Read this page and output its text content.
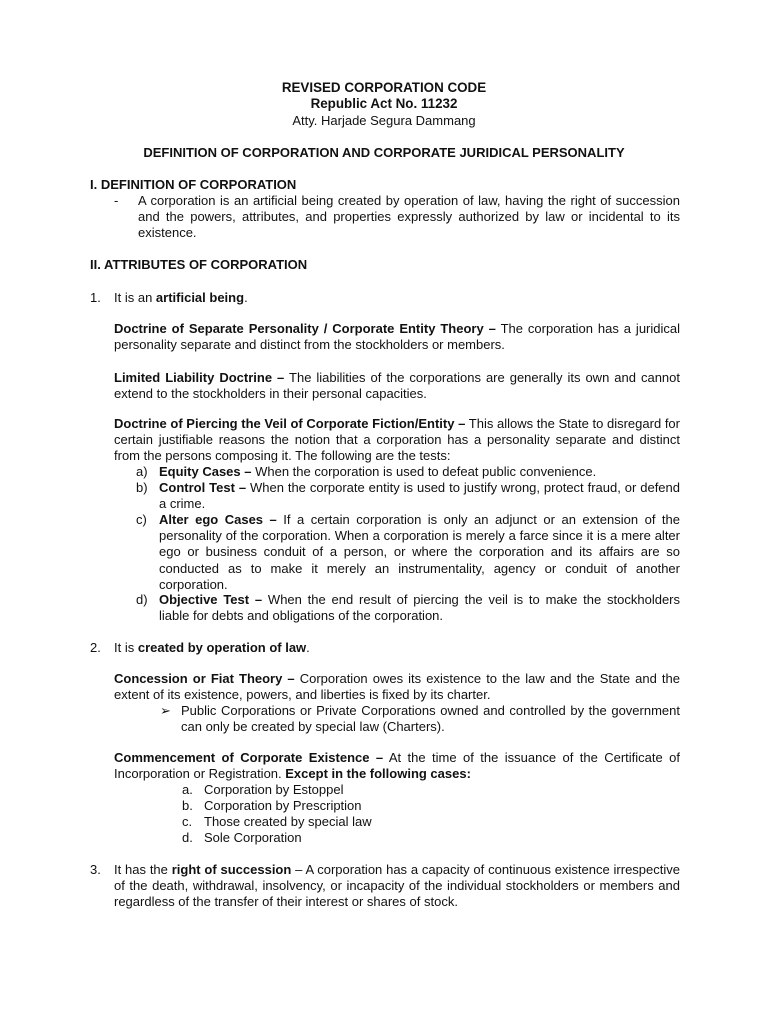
REVISED CORPORATION CODE
Republic Act No. 11232
Atty. Harjade Segura Dammang
DEFINITION OF CORPORATION AND CORPORATE JURIDICAL PERSONALITY
I. DEFINITION OF CORPORATION
- A corporation is an artificial being created by operation of law, having the right of succession and the powers, attributes, and properties expressly authorized by law or incidental to its existence.
II. ATTRIBUTES OF CORPORATION
1. It is an artificial being.
Doctrine of Separate Personality / Corporate Entity Theory – The corporation has a juridical personality separate and distinct from the stockholders or members.
Limited Liability Doctrine – The liabilities of the corporations are generally its own and cannot extend to the stockholders in their personal capacities.
Doctrine of Piercing the Veil of Corporate Fiction/Entity – This allows the State to disregard for certain justifiable reasons the notion that a corporation has a personality separate and distinct from the persons composing it. The following are the tests:
a) Equity Cases – When the corporation is used to defeat public convenience.
b) Control Test – When the corporate entity is used to justify wrong, protect fraud, or defend a crime.
c) Alter ego Cases – If a certain corporation is only an adjunct or an extension of the personality of the corporation. When a corporation is merely a farce since it is a mere alter ego or business conduit of a person, or where the corporation and its affairs are so conducted as to make it merely an instrumentality, agency or conduit of another corporation.
d) Objective Test – When the end result of piercing the veil is to make the stockholders liable for debts and obligations of the corporation.
2. It is created by operation of law.
Concession or Fiat Theory – Corporation owes its existence to the law and the State and the extent of its existence, powers, and liberties is fixed by its charter.
➢ Public Corporations or Private Corporations owned and controlled by the government can only be created by special law (Charters).
Commencement of Corporate Existence – At the time of the issuance of the Certificate of Incorporation or Registration. Except in the following cases:
a. Corporation by Estoppel
b. Corporation by Prescription
c. Those created by special law
d. Sole Corporation
3. It has the right of succession – A corporation has a capacity of continuous existence irrespective of the death, withdrawal, insolvency, or incapacity of the individual stockholders or members and regardless of the transfer of their interest or shares of stock.
